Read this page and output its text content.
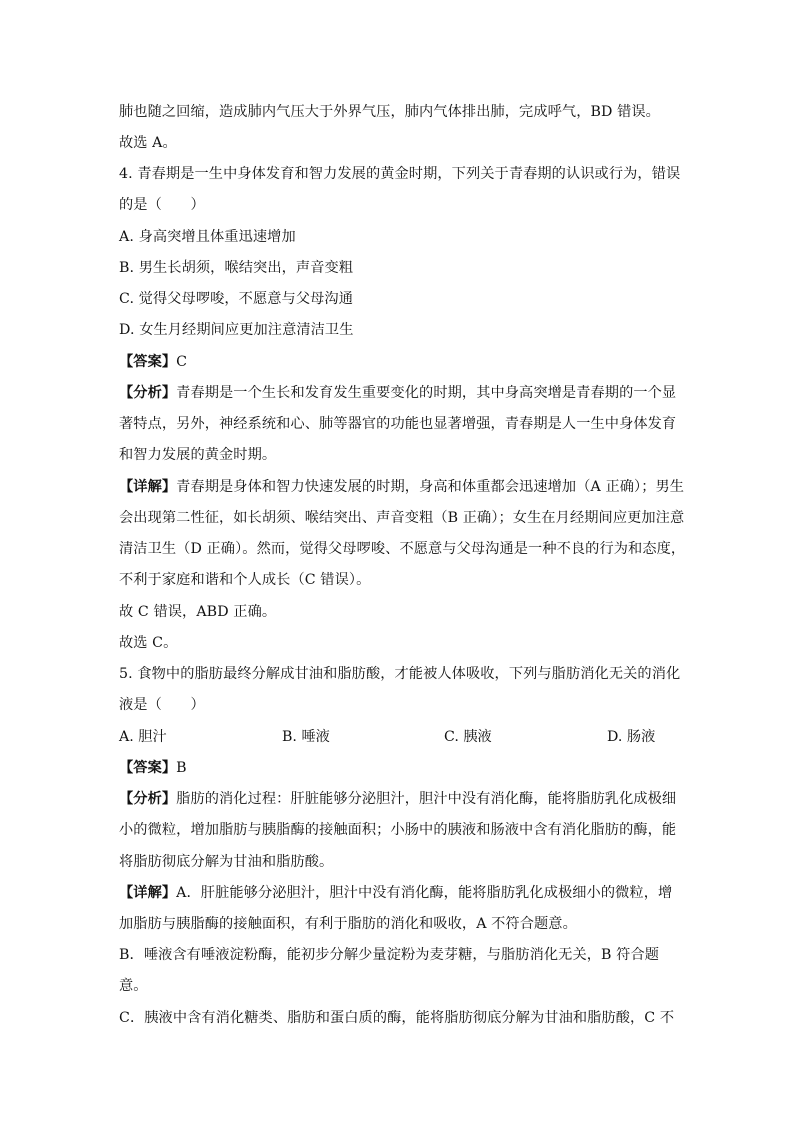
肺也随之回缩，造成肺内气压大于外界气压，肺内气体排出肺，完成呼气，BD 错误。
故选 A。
4. 青春期是一生中身体发育和智力发展的黄金时期，下列关于青春期的认识或行为，错误
的是（　　）
A. 身高突增且体重迅速增加
B. 男生长胡须，喉结突出，声音变粗
C. 觉得父母啰唆，不愿意与父母沟通
D. 女生月经期间应更加注意清洁卫生
【答案】C
【分析】青春期是一个生长和发育发生重要变化的时期，其中身高突增是青春期的一个显
著特点，另外，神经系统和心、肺等器官的功能也显著增强，青春期是人一生中身体发育
和智力发展的黄金时期。
【详解】青春期是身体和智力快速发展的时期，身高和体重都会迅速增加（A 正确）；男生
会出现第二性征，如长胡须、喉结突出、声音变粗（B 正确）；女生在月经期间应更加注意
清洁卫生（D 正确）。然而，觉得父母啰唆、不愿意与父母沟通是一种不良的行为和态度，
不利于家庭和谐和个人成长（C 错误）。
故 C 错误，ABD 正确。
故选 C。
5. 食物中的脂肪最终分解成甘油和脂肪酸，才能被人体吸收，下列与脂肪消化无关的消化
液是（　　）
A. 胆汁	B. 唾液	C. 胰液	D. 肠液
【答案】B
【分析】脂肪的消化过程：肝脏能够分泌胆汁，胆汁中没有消化酶，能将脂肪乳化成极细
小的微粒，增加脂肪与胰脂酶的接触面积；小肠中的胰液和肠液中含有消化脂肪的酶，能
将脂肪彻底分解为甘油和脂肪酸。
【详解】A．肝脏能够分泌胆汁，胆汁中没有消化酶，能将脂肪乳化成极细小的微粒，增
加脂肪与胰脂酶的接触面积，有利于脂肪的消化和吸收，A 不符合题意。
B．唾液含有唾液淀粉酶，能初步分解少量淀粉为麦芽糖，与脂肪消化无关，B 符合题
意。
C．胰液中含有消化糖类、脂肪和蛋白质的酶，能将脂肪彻底分解为甘油和脂肪酸，C 不
